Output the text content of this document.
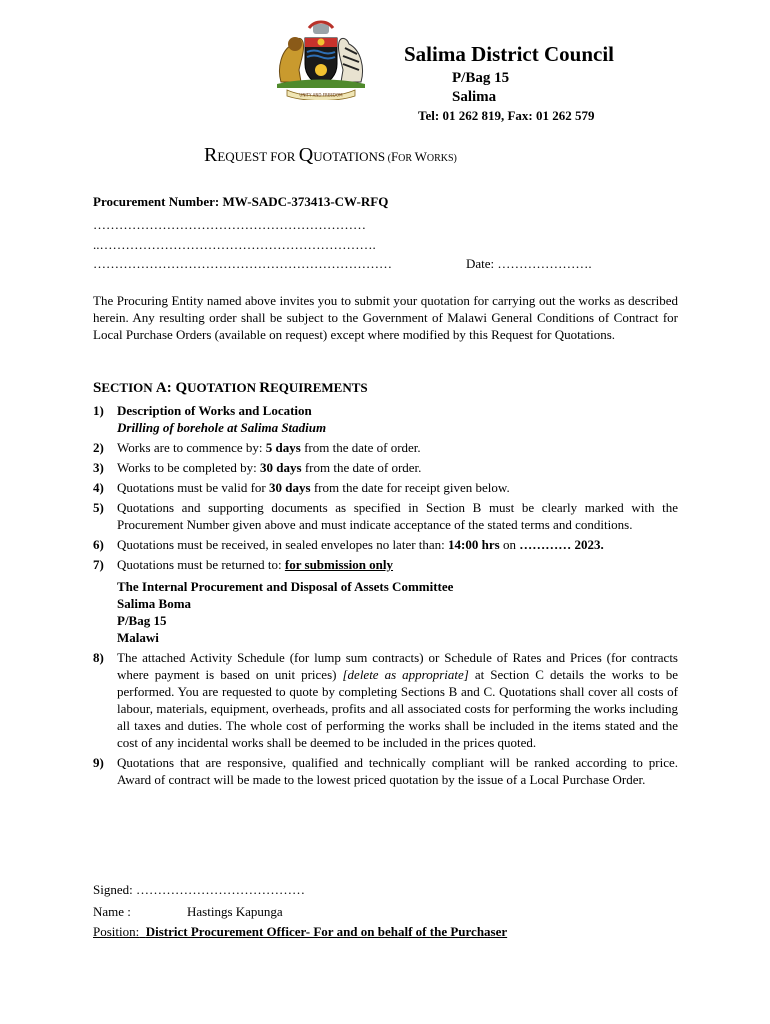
UNITY AND FREEDOM
Salima District Council
P/Bag 15
Salima
Tel: 01 262 819, Fax: 01 262 579
REQUEST FOR QUOTATIONS (FOR WORKS)
Procurement Number: MW-SADC-373413-CW-RFQ
………………………………………………………
..……………………………………………………….
……………………………………………………………	Date: ………………….
The Procuring Entity named above invites you to submit your quotation for carrying out the works as described herein. Any resulting order shall be subject to the Government of Malawi General Conditions of Contract for Local Purchase Orders (available on request) except where modified by this Request for Quotations.
SECTION A: QUOTATION REQUIREMENTS
1) Description of Works and Location

Drilling of borehole at Salima Stadium

2) Works are to commence by: 5 days from the date of order.

3) Works to be completed by: 30 days from the date of order.

4) Quotations must be valid for 30 days from the date for receipt given below.

5) Quotations and supporting documents as specified in Section B must be clearly marked with the Procurement Number given above and must indicate acceptance of the stated terms and conditions.

6) Quotations must be received, in sealed envelopes no later than: 14:00 hrs on ………… 2023.

7) Quotations must be returned to: for submission only

The Internal Procurement and Disposal of Assets Committee
Salima Boma
P/Bag 15
Malawi
8) The attached Activity Schedule (for lump sum contracts) or Schedule of Rates and Prices (for contracts where payment is based on unit prices) [delete as appropriate] at Section C details the works to be performed. You are requested to quote by completing Sections B and C. Quotations shall cover all costs of labour, materials, equipment, overheads, profits and all associated costs for performing the works including all taxes and duties. The whole cost of performing the works shall be included in the items stated and the cost of any incidental works shall be deemed to be included in the prices quoted.

9) Quotations that are responsive, qualified and technically compliant will be ranked according to price. Award of contract will be made to the lowest priced quotation by the issue of a Local Purchase Order.

Signed: …………………………………
Name :	Hastings Kapunga
Position: District Procurement Officer- For and on behalf of the Purchaser
